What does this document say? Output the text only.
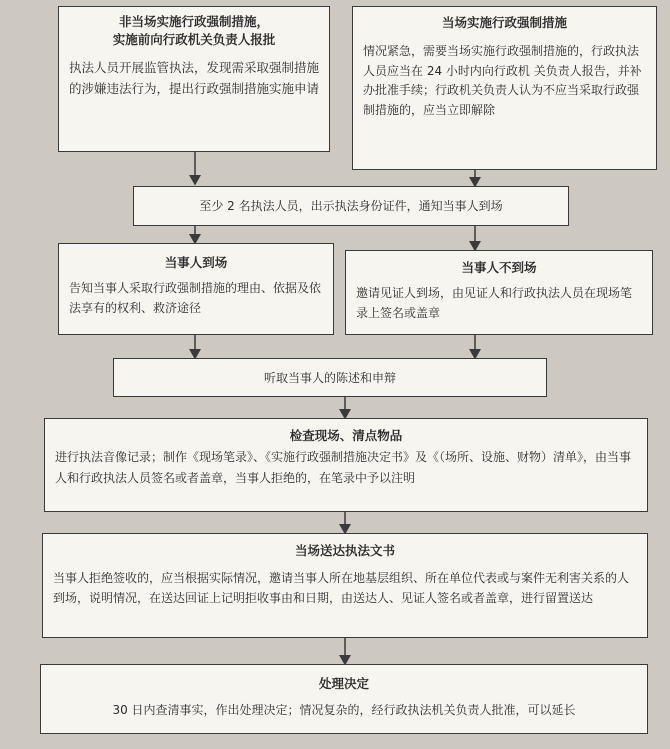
非当场实施行政强制措施，
实施前向行政机关负责人报批
执法人员开展监管执法，发现需采取强制措施的涉嫌违法行为，提出行政强制措施实施申请
当场实施行政强制措施
情况紧急，需要当场实施行政强制措施的，行政执法人员应当在 24 小时内向行政机 关负责人报告，并补办批准手续；行政机关负责人认为不应当采取行政强制措施的，应当立即解除
至少 2 名执法人员，出示执法身份证件，通知当事人到场
当事人到场
告知当事人采取行政强制措施的理由、依据及依法享有的权利、救济途径
当事人不到场
邀请见证人到场，由见证人和行政执法人员在现场笔录上签名或盖章
听取当事人的陈述和申辩
检查现场、清点物品
进行执法音像记录；制作《现场笔录》、《实施行政强制措施决定书》及《（场所、设施、财物）清单》，由当事人和行政执法人员签名或者盖章，当事人拒绝的，在笔录中予以注明
当场送达执法文书
当事人拒绝签收的，应当根据实际情况，邀请当事人所在地基层组织、所在单位代表或与案件无利害关系的人到场，说明情况，在送达回证上记明拒收事由和日期，由送达人、见证人签名或者盖章，进行留置送达
处理决定
30 日内查清事实，作出处理决定；情况复杂的，经行政执法机关负责人批准，可以延长
